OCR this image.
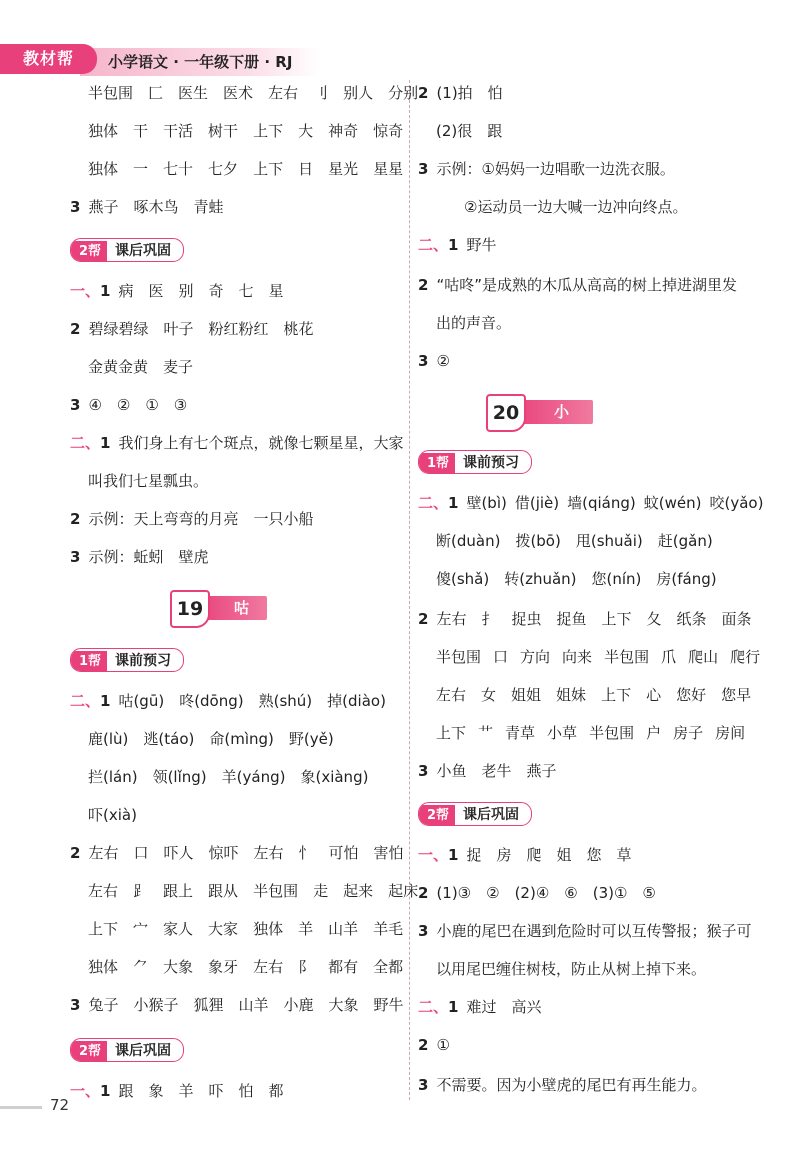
教材帮	小学语文 · 一年级下册 · RJ
半包围 匚 医生 医术 左右 刂 别人 分别
独体 干 干活 树干 上下 大 神奇 惊奇
独体 一 七十 七夕 上下 日 星光 星星
3 燕子 啄木鸟 青蛙
2帮 课后巩固
一、1 病 医 别 奇 七 星
2 碧绿碧绿 叶子 粉红粉红 桃花
金黄金黄 麦子
3 ④ ② ① ③
二、1 我们身上有七个斑点，就像七颗星星，大家
叫我们七星瓢虫。
2 示例：天上弯弯的月亮　一只小船
3 示例：蚯蚓　壁虎
咕咚
19
1帮 课前预习
二、1 咕(gū) 咚(dōng) 熟(shú) 掉(diào)
鹿(lù) 逃(táo) 命(mìng) 野(yě)
拦(lán) 领(lǐng) 羊(yáng) 象(xiàng)
吓(xià)
2 左右 口 吓人 惊吓 左右 忄 可怕 害怕
左右 ⻊ 跟上 跟从 半包围 走 起来 起床
上下 宀 家人 大家 独体 羊 山羊 羊毛
独体 ⺈ 大象 象牙 左右 阝 都有 全都
3 兔子 小猴子 狐狸 山羊 小鹿 大象 野牛
2帮 课后巩固
一、1 跟 象 羊 吓 怕 都
2 (1)拍　怕
(2)很　跟
3 示例：①妈妈一边唱歌一边洗衣服。
②运动员一边大喊一边冲向终点。
二、1 野牛
2 “咕咚”是成熟的木瓜从高高的树上掉进湖里发
出的声音。
3 ②
小壁虎借尾巴
20
1帮 课前预习
二、1 壁(bì) 借(jiè) 墙(qiáng) 蚊(wén) 咬(yǎo)
断(duàn) 拨(bō) 甩(shuǎi) 赶(gǎn)
傻(shǎ) 转(zhuǎn) 您(nín) 房(fáng)
2 左右 扌 捉虫 捉鱼 上下 夂 纸条 面条
半包围 口 方向 向来 半包围 爪 爬山 爬行
左右 女 姐姐 姐妹 上下 心 您好 您早
上下 艹 青草 小草 半包围 户 房子 房间
3 小鱼 老牛 燕子
2帮 课后巩固
一、1 捉 房 爬 姐 您 草
2 (1)③　②　(2)④　⑥　(3)①　⑤
3 小鹿的尾巴在遇到危险时可以互传警报；猴子可
以用尾巴缠住树枝，防止从树上掉下来。
二、1 难过　高兴
2 ①
3 不需要。因为小壁虎的尾巴有再生能力。
72
